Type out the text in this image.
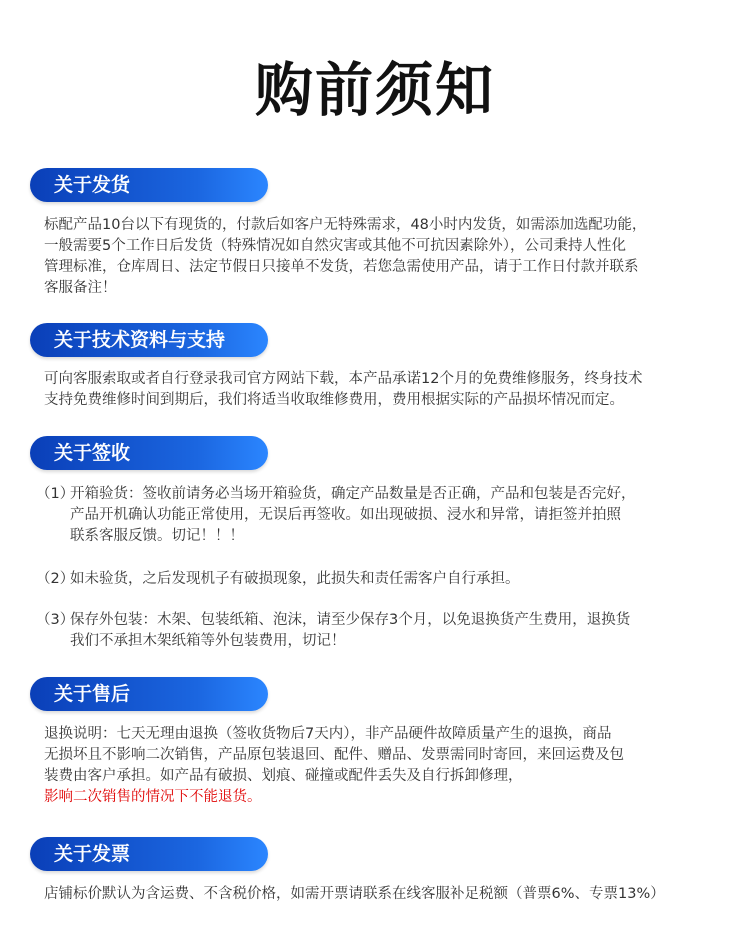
购前须知
关于发货

标配产品10台以下有现货的，付款后如客户无特殊需求，48小时内发货，如需添加选配功能，

一般需要5个工作日后发货（特殊情况如自然灾害或其他不可抗因素除外），公司秉持人性化

管理标准，仓库周日、法定节假日只接单不发货，若您急需使用产品，请于工作日付款并联系

客服备注！

关于技术资料与支持

可向客服索取或者自行登录我司官方网站下载，本产品承诺12个月的免费维修服务，终身技术

支持免费维修时间到期后，我们将适当收取维修费用，费用根据实际的产品损坏情况而定。

关于签收
（1）
开箱验货：签收前请务必当场开箱验货，确定产品数量是否正确，产品和包装是否完好，
产品开机确认功能正常使用，无误后再签收。如出现破损、浸水和异常，请拒签并拍照
联系客服反馈。切记！！！
（2）
如未验货，之后发现机子有破损现象，此损失和责任需客户自行承担。
（3）
保存外包装：木架、包装纸箱、泡沫，请至少保存3个月，以免退换货产生费用，退换货
我们不承担木架纸箱等外包装费用，切记！
关于售后

退换说明：七天无理由退换（签收货物后7天内），非产品硬件故障质量产生的退换，商品

无损坏且不影响二次销售，产品原包装退回、配件、赠品、发票需同时寄回，来回运费及包

装费由客户承担。如产品有破损、划痕、碰撞或配件丢失及自行拆卸修理，

影响二次销售的情况下不能退货。

关于发票

店铺标价默认为含运费、不含税价格，如需开票请联系在线客服补足税额（普票6%、专票13%）
